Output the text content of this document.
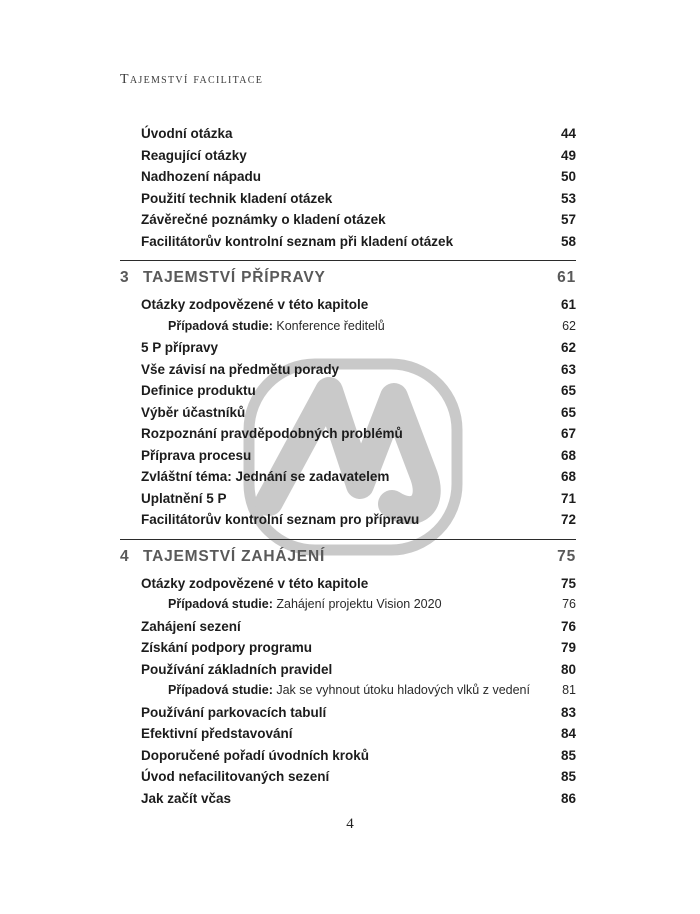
Tajemství facilitace
Úvodní otázka	44
Reagující otázky	49
Nadhození nápadu	50
Použití technik kladení otázek	53
Závěrečné poznámky o kladení otázek	57
Facilitátorův kontrolní seznam při kladení otázek	58
3 TAJEMSTVÍ PŘÍPRAVY	61
Otázky zodpovězené v této kapitole	61
Případová studie: Konference ředitelů	62
5 P přípravy	62
Vše závisí na předmětu porady	63
Definice produktu	65
Výběr účastníků	65
Rozpoznání pravděpodobných problémů	67
Příprava procesu	68
Zvláštní téma: Jednání se zadavatelem	68
Uplatnění 5 P	71
Facilitátorův kontrolní seznam pro přípravu	72
4 TAJEMSTVÍ ZAHÁJENÍ	75
Otázky zodpovězené v této kapitole	75
Případová studie: Zahájení projektu Vision 2020	76
Zahájení sezení	76
Získání podpory programu	79
Používání základních pravidel	80
Případová studie: Jak se vyhnout útoku hladových vlků z vedení	81
Používání parkovacích tabulí	83
Efektivní představování	84
Doporučené pořadí úvodních kroků	85
Úvod nefacilitovaných sezení	85
Jak začít včas	86
4
